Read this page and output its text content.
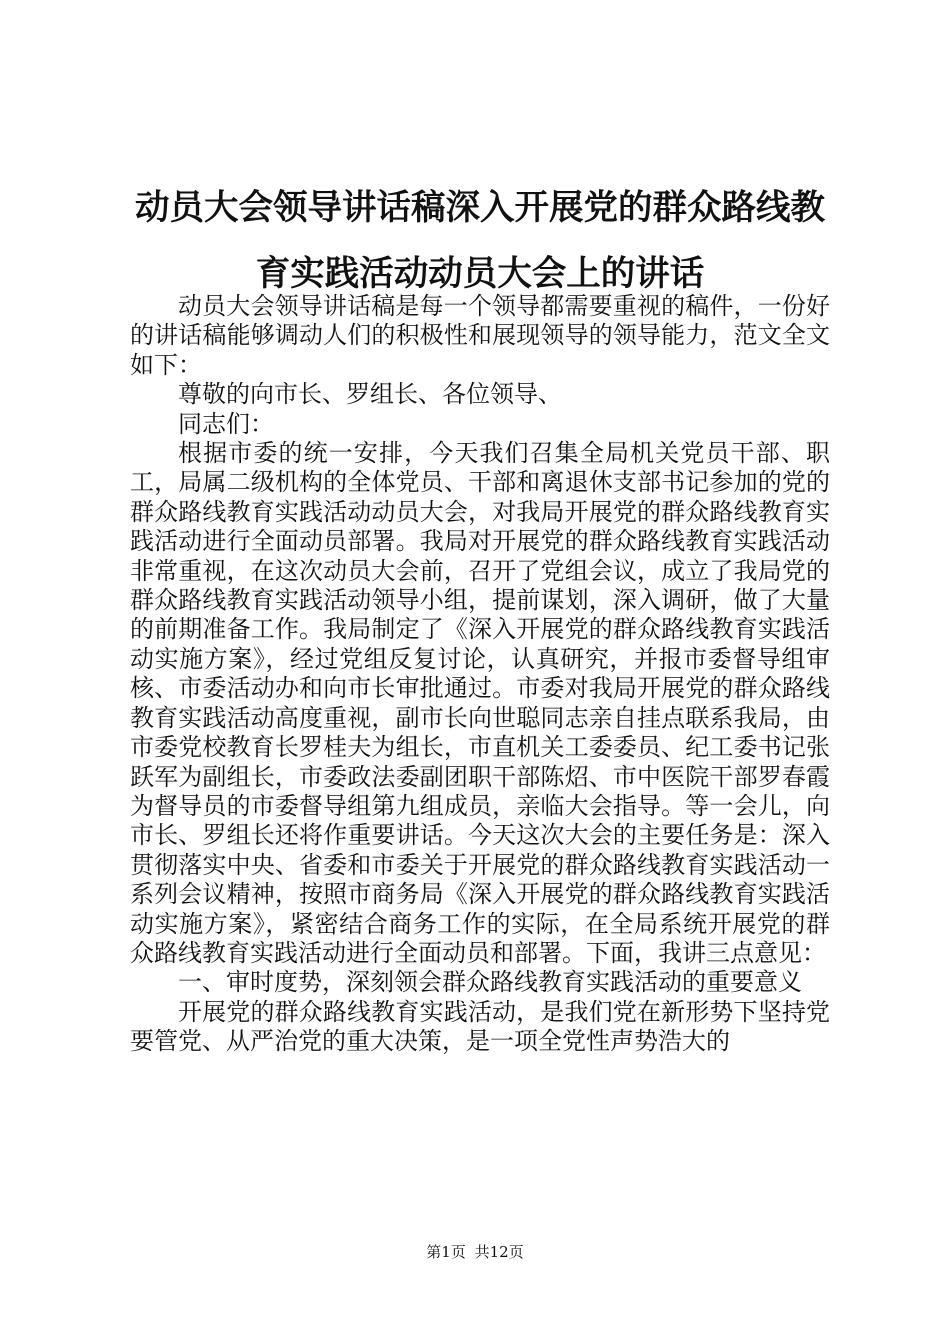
动员大会领导讲话稿深入开展党的群众路线教育实践活动动员大会上的讲话

动员大会领导讲话稿是每一个领导都需要重视的稿件，一份好的讲话稿能够调动人们的积极性和展现领导的领导能力，范文全文如下：

尊敬的向市长、罗组长、各位领导、

同志们：

根据市委的统一安排，今天我们召集全局机关党员干部、职工，局属二级机构的全体党员、干部和离退休支部书记参加的党的群众路线教育实践活动动员大会，对我局开展党的群众路线教育实践活动进行全面动员部署。我局对开展党的群众路线教育实践活动非常重视，在这次动员大会前，召开了党组会议，成立了我局党的群众路线教育实践活动领导小组，提前谋划，深入调研，做了大量的前期准备工作。我局制定了《深入开展党的群众路线教育实践活动实施方案》，经过党组反复讨论，认真研究，并报市委督导组审核、市委活动办和向市长审批通过。市委对我局开展党的群众路线教育实践活动高度重视，副市长向世聪同志亲自挂点联系我局，由市委党校教育长罗桂夫为组长，市直机关工委委员、纪工委书记张跃军为副组长，市委政法委副团职干部陈炤、市中医院干部罗春霞为督导员的市委督导组第九组成员，亲临大会指导。等一会儿，向市长、罗组长还将作重要讲话。今天这次大会的主要任务是：深入贯彻落实中央、省委和市委关于开展党的群众路线教育实践活动一系列会议精神，按照市商务局《深入开展党的群众路线教育实践活动实施方案》，紧密结合商务工作的实际，在全局系统开展党的群众路线教育实践活动进行全面动员和部署。下面，我讲三点意见：

一、审时度势，深刻领会群众路线教育实践活动的重要意义

开展党的群众路线教育实践活动，是我们党在新形势下坚持党要管党、从严治党的重大决策，是一项全党性声势浩大的

第1页 共12页
